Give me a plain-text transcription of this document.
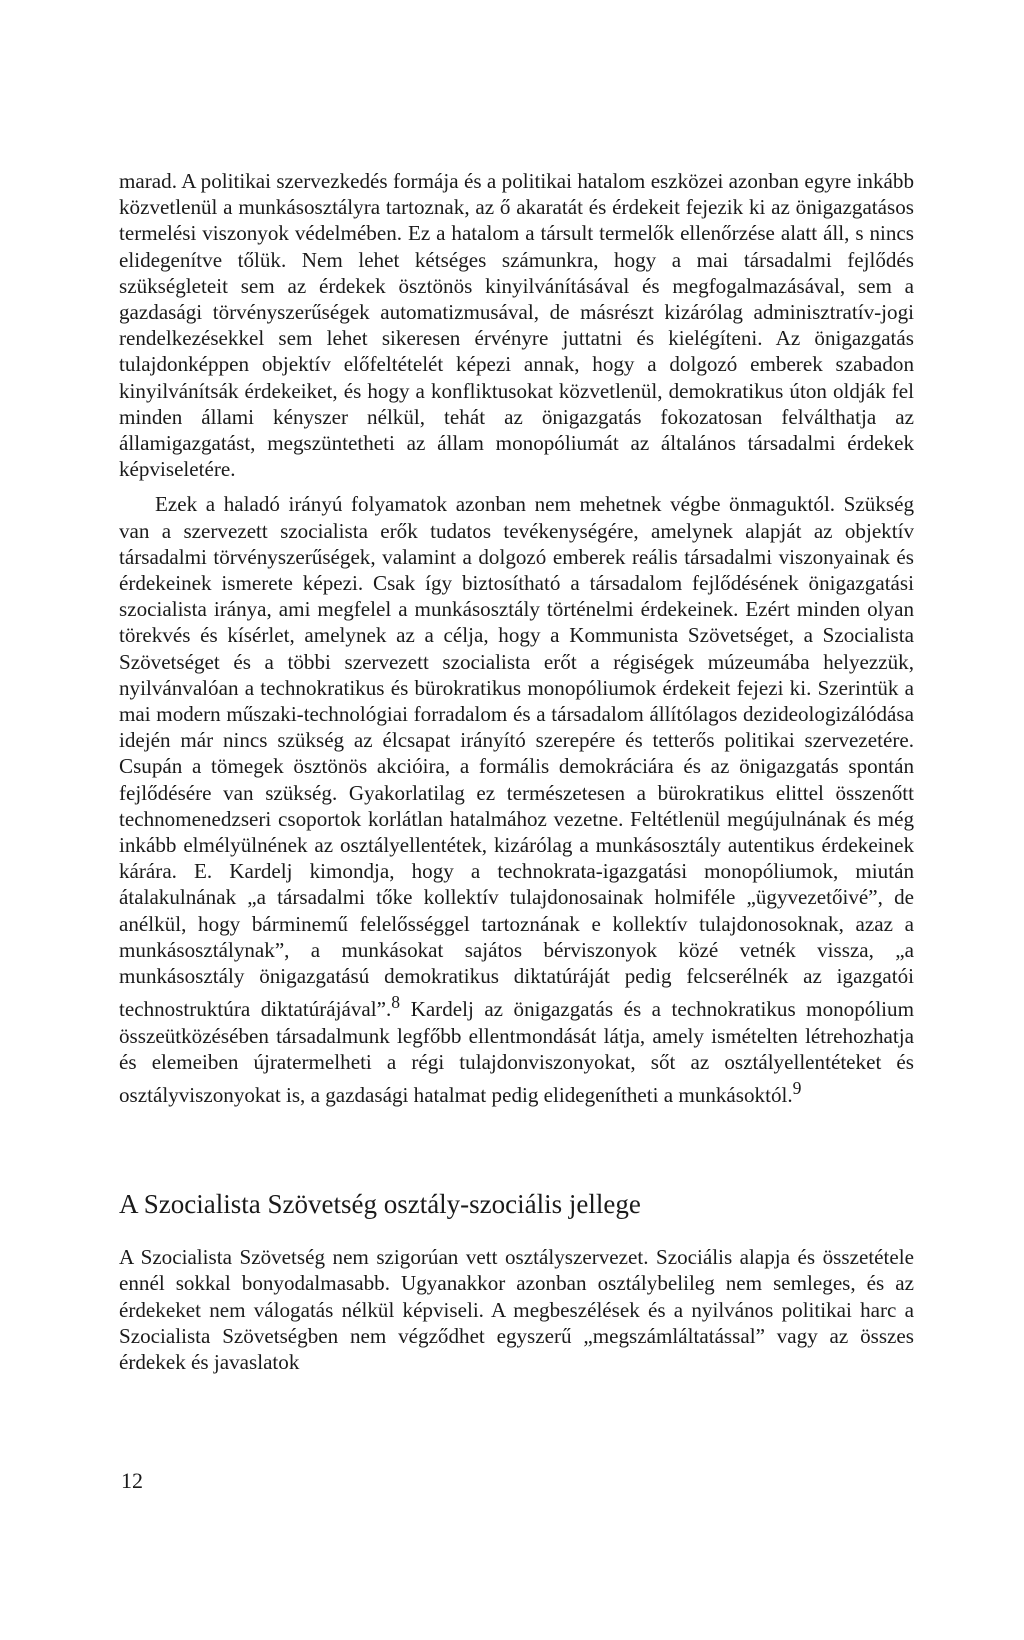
marad. A politikai szervezkedés formája és a politikai hatalom eszközei azonban egyre inkább közvetlenül a munkásosztályra tartoznak, az ő akaratát és érdekeit fejezik ki az önigazgatásos termelési viszonyok védelmében. Ez a hatalom a társult termelők ellenőrzése alatt áll, s nincs elidegenítve tőlük. Nem lehet kétséges számunkra, hogy a mai társadalmi fejlődés szükségleteit sem az érdekek ösztönös kinyilvánításával és megfogalmazásával, sem a gazdasági törvényszerűségek automatizmusával, de másrészt kizárólag adminisztratív-jogi rendelkezésekkel sem lehet sikeresen érvényre juttatni és kielégíteni. Az önigazgatás tulajdonképpen objektív előfeltételét képezi annak, hogy a dolgozó emberek szabadon kinyilvánítsák érdekeiket, és hogy a konfliktusokat közvetlenül, demokratikus úton oldják fel minden állami kényszer nélkül, tehát az önigazgatás fokozatosan felválthatja az államigazgatást, megszüntetheti az állam monopóliumát az általános társadalmi érdekek képviseletére.

Ezek a haladó irányú folyamatok azonban nem mehetnek végbe önmaguktól. Szükség van a szervezett szocialista erők tudatos tevékenységére, amelynek alapját az objektív társadalmi törvényszerűségek, valamint a dolgozó emberek reális társadalmi viszonyainak és érdekeinek ismerete képezi. Csak így biztosítható a társadalom fejlődésének önigazgatási szocialista iránya, ami megfelel a munkásosztály történelmi érdekeinek. Ezért minden olyan törekvés és kísérlet, amelynek az a célja, hogy a Kommunista Szövetséget, a Szocialista Szövetséget és a többi szervezett szocialista erőt a régiségek múzeumába helyezzük, nyilvánvalóan a technokratikus és bürokratikus monopóliumok érdekeit fejezi ki. Szerintük a mai modern műszaki-technológiai forradalom és a társadalom állítólagos dezideologizálódása idején már nincs szükség az élcsapat irányító szerepére és tetterős politikai szervezetére. Csupán a tömegek ösztönös akcióira, a formális demokráciára és az önigazgatás spontán fejlődésére van szükség. Gyakorlatilag ez természetesen a bürokratikus elittel összenőtt technomenedzseri csoportok korlátlan hatalmához vezetne. Feltétlenül megújulnának és még inkább elmélyülnének az osztályellentétek, kizárólag a munkásosztály autentikus érdekeinek kárára. E. Kardelj kimondja, hogy a technokrata-igazgatási monopóliumok, miután átalakulnának „a társadalmi tőke kollektív tulajdonosainak holmiféle „ügyvezetőivé”, de anélkül, hogy bárminemű felelősséggel tartoznának e kollektív tulajdonosoknak, azaz a munkásosztálynak”, a munkásokat sajátos bérviszonyok közé vetnék vissza, „a munkásosztály önigazgatású demokratikus diktatúráját pedig felcserélnék az igazgatói technostruktúra diktatúrájával”.$^8$ Kardelj az önigazgatás és a technokratikus monopólium összeütközésében társadalmunk legfőbb ellentmondását látja, amely ismételten létrehozhatja és elemeiben újratermelheti a régi tulajdonviszonyokat, sőt az osztályellentéteket és osztályviszonyokat is, a gazdasági hatalmat pedig elidegenítheti a munkásoktól.$^9$

A Szocialista Szövetség osztály-szociális jellege

A Szocialista Szövetség nem szigorúan vett osztályszervezet. Szociális alapja és összetétele ennél sokkal bonyodalmasabb. Ugyanakkor azonban osztálybelileg nem semleges, és az érdekeket nem válogatás nélkül képviseli. A megbeszélések és a nyilvános politikai harc a Szocialista Szövetségben nem végződhet egyszerű „megszámláltatással” vagy az összes érdekek és javaslatok

12
